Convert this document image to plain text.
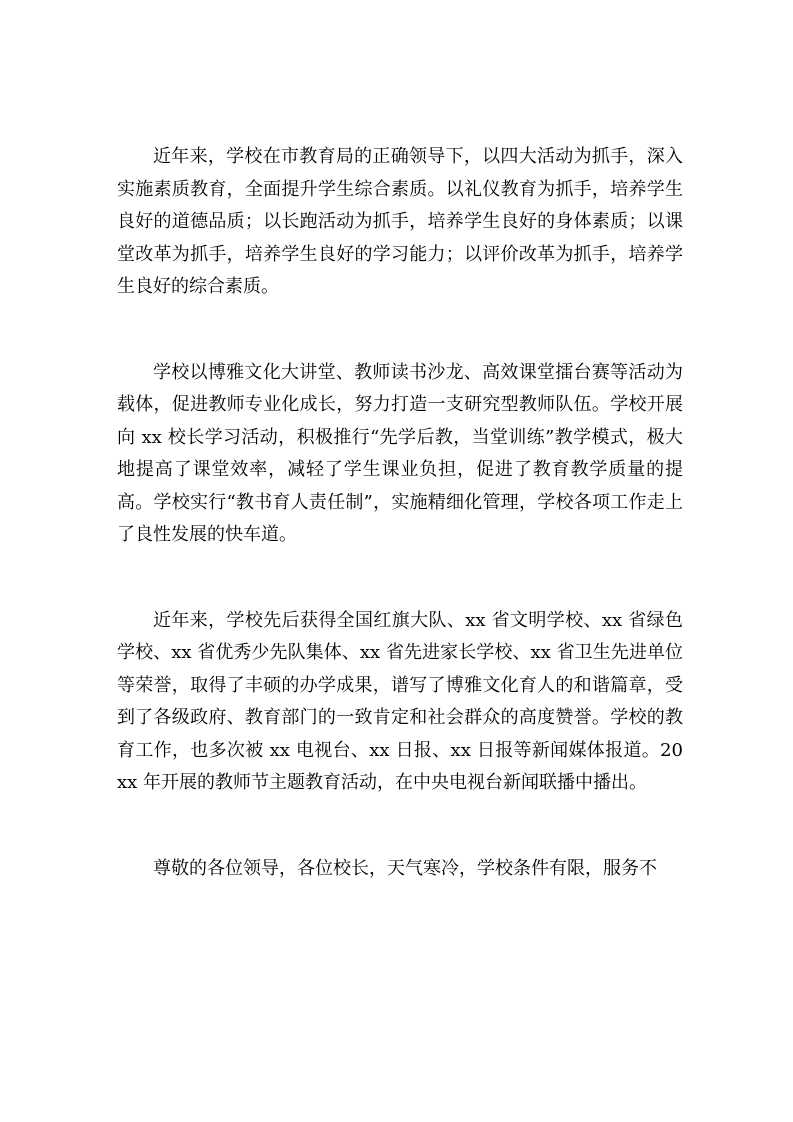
近年来，学校在市教育局的正确领导下，以四大活动为抓手，深入实施素质教育，全面提升学生综合素质。以礼仪教育为抓手，培养学生良好的道德品质；以长跑活动为抓手，培养学生良好的身体素质；以课堂改革为抓手，培养学生良好的学习能力；以评价改革为抓手，培养学生良好的综合素质。

学校以博雅文化大讲堂、教师读书沙龙、高效课堂擂台赛等活动为载体，促进教师专业化成长，努力打造一支研究型教师队伍。学校开展向 xx 校长学习活动，积极推行“先学后教，当堂训练”教学模式，极大地提高了课堂效率，减轻了学生课业负担，促进了教育教学质量的提高。学校实行“教书育人责任制”，实施精细化管理，学校各项工作走上了良性发展的快车道。

近年来，学校先后获得全国红旗大队、xx 省文明学校、xx 省绿色学校、xx 省优秀少先队集体、xx 省先进家长学校、xx 省卫生先进单位等荣誉，取得了丰硕的办学成果，谱写了博雅文化育人的和谐篇章，受到了各级政府、教育部门的一致肯定和社会群众的高度赞誉。学校的教育工作，也多次被 xx 电视台、xx 日报、xx 日报等新闻媒体报道。20xx 年开展的教师节主题教育活动，在中央电视台新闻联播中播出。

尊敬的各位领导，各位校长，天气寒冷，学校条件有限，服务不
